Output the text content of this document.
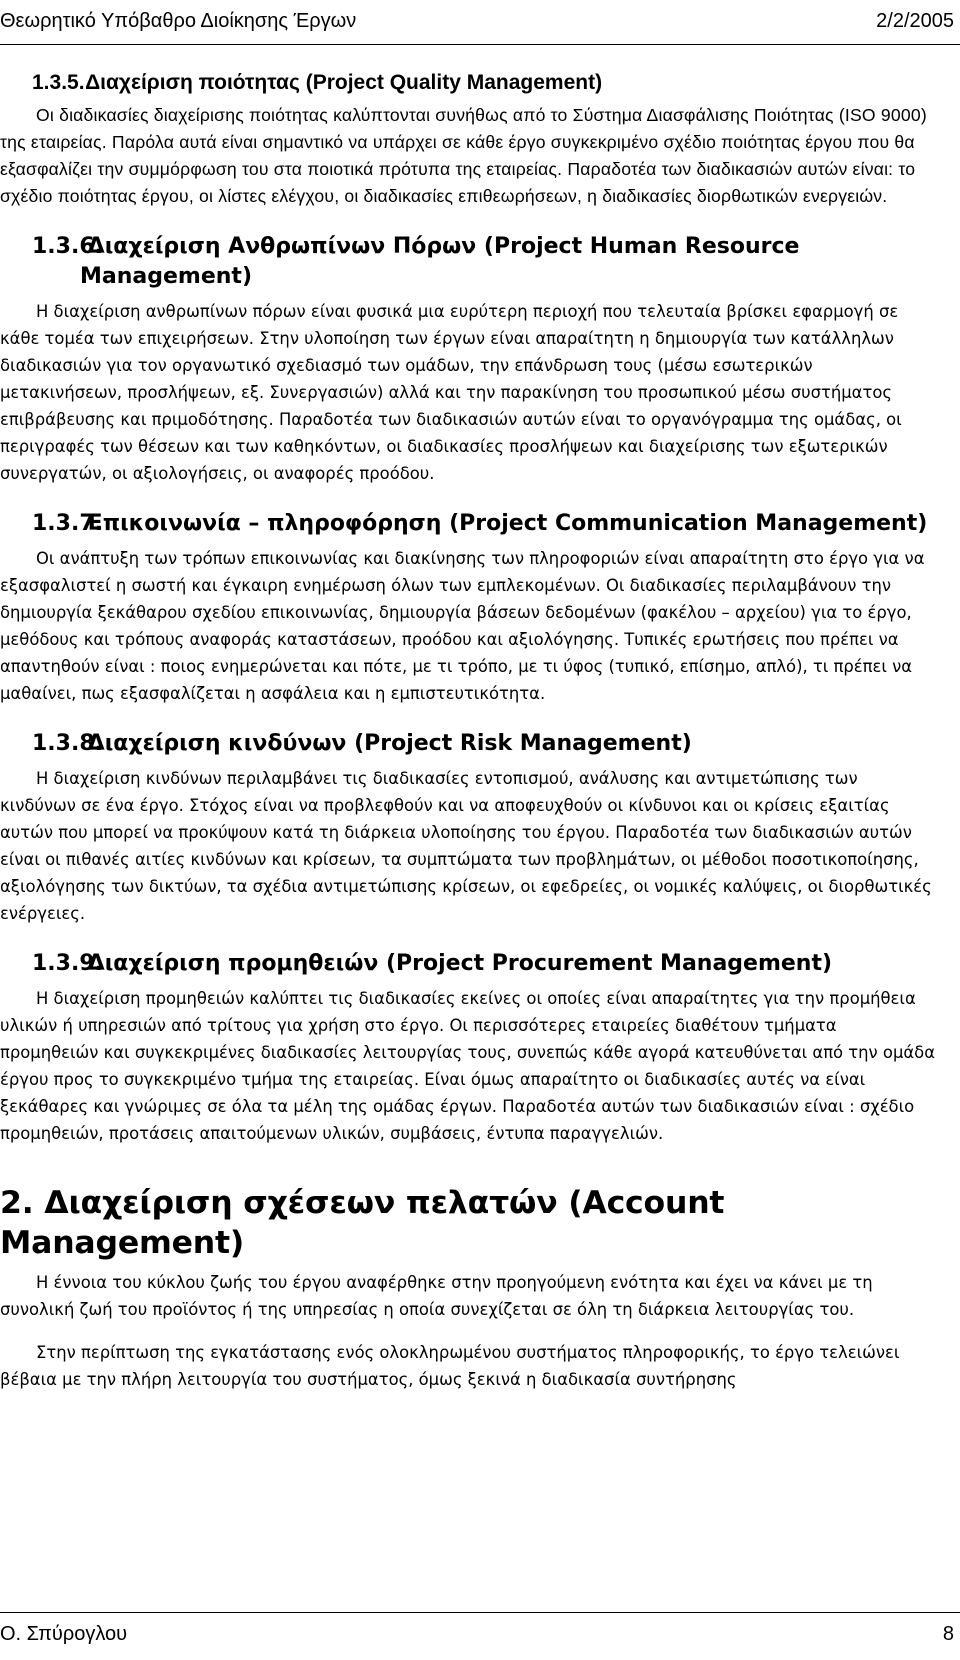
Θεωρητικό Υπόβαθρο Διοίκησης Έργων	2/2/2005
1.3.5. Διαχείριση ποιότητας (Project Quality Management)

Οι διαδικασίες διαχείρισης ποιότητας καλύπτονται συνήθως από το Σύστημα Διασφάλισης Ποιότητας (ISO 9000) της εταιρείας. Παρόλα αυτά είναι σημαντικό να υπάρχει σε κάθε έργο συγκεκριμένο σχέδιο ποιότητας έργου που θα εξασφαλίζει την συμμόρφωση του στα ποιοτικά πρότυπα της εταιρείας. Παραδοτέα των διαδικασιών αυτών είναι: το σχέδιο ποιότητας έργου, οι λίστες ελέγχου, οι διαδικασίες επιθεωρήσεων, η διαδικασίες διορθωτικών ενεργειών.

1.3.6. Διαχείριση Ανθρωπίνων Πόρων (Project Human Resource Management)

Η διαχείριση ανθρωπίνων πόρων είναι φυσικά μια ευρύτερη περιοχή που τελευταία βρίσκει εφαρμογή σε κάθε τομέα των επιχειρήσεων. Στην υλοποίηση των έργων είναι απαραίτητη η δημιουργία των κατάλληλων διαδικασιών για τον οργανωτικό σχεδιασμό των ομάδων, την επάνδρωση τους (μέσω εσωτερικών μετακινήσεων, προσλήψεων, εξ. Συνεργασιών) αλλά και την παρακίνηση του προσωπικού μέσω συστήματος επιβράβευσης και πριμοδότησης. Παραδοτέα των διαδικασιών αυτών είναι το οργανόγραμμα της ομάδας, οι περιγραφές των θέσεων και των καθηκόντων, οι διαδικασίες προσλήψεων και διαχείρισης των εξωτερικών συνεργατών, οι αξιολογήσεις, οι αναφορές προόδου.

1.3.7. Επικοινωνία – πληροφόρηση (Project Communication Management)

Οι ανάπτυξη των τρόπων επικοινωνίας και διακίνησης των πληροφοριών είναι απαραίτητη στο έργο για να εξασφαλιστεί η σωστή και έγκαιρη ενημέρωση όλων των εμπλεκομένων. Οι διαδικασίες περιλαμβάνουν την δημιουργία ξεκάθαρου σχεδίου επικοινωνίας, δημιουργία βάσεων δεδομένων (φακέλου – αρχείου) για το έργο, μεθόδους και τρόπους αναφοράς καταστάσεων, προόδου και αξιολόγησης. Τυπικές ερωτήσεις που πρέπει να απαντηθούν είναι : ποιος ενημερώνεται και πότε, με τι τρόπο, με τι ύφος (τυπικό, επίσημο, απλό), τι πρέπει να μαθαίνει, πως εξασφαλίζεται η ασφάλεια και η εμπιστευτικότητα.

1.3.8. Διαχείριση κινδύνων (Project Risk Management)

Η διαχείριση κινδύνων περιλαμβάνει τις διαδικασίες εντοπισμού, ανάλυσης και αντιμετώπισης των κινδύνων σε ένα έργο. Στόχος είναι να προβλεφθούν και να αποφευχθούν οι κίνδυνοι και οι κρίσεις εξαιτίας αυτών που μπορεί να προκύψουν κατά τη διάρκεια υλοποίησης του έργου. Παραδοτέα των διαδικασιών αυτών είναι οι πιθανές αιτίες κινδύνων και κρίσεων, τα συμπτώματα των προβλημάτων, οι μέθοδοι ποσοτικοποίησης, αξιολόγησης των δικτύων, τα σχέδια αντιμετώπισης κρίσεων, οι εφεδρείες, οι νομικές καλύψεις, οι διορθωτικές ενέργειες.

1.3.9. Διαχείριση προμηθειών (Project Procurement Management)

Η διαχείριση προμηθειών καλύπτει τις διαδικασίες εκείνες οι οποίες είναι απαραίτητες για την προμήθεια υλικών ή υπηρεσιών από τρίτους για χρήση στο έργο. Οι περισσότερες εταιρείες διαθέτουν τμήματα προμηθειών και συγκεκριμένες διαδικασίες λειτουργίας τους, συνεπώς κάθε αγορά κατευθύνεται από την ομάδα έργου προς το συγκεκριμένο τμήμα της εταιρείας. Είναι όμως απαραίτητο οι διαδικασίες αυτές να είναι ξεκάθαρες και γνώριμες σε όλα τα μέλη της ομάδας έργων. Παραδοτέα αυτών των διαδικασιών είναι : σχέδιο προμηθειών, προτάσεις απαιτούμενων υλικών, συμβάσεις, έντυπα παραγγελιών.

2. Διαχείριση σχέσεων πελατών (Account Management)

Η έννοια του κύκλου ζωής του έργου αναφέρθηκε στην προηγούμενη ενότητα και έχει να κάνει με τη συνολική ζωή του προϊόντος ή της υπηρεσίας η οποία συνεχίζεται σε όλη τη διάρκεια λειτουργίας του.

Στην περίπτωση της εγκατάστασης ενός ολοκληρωμένου συστήματος πληροφορικής, το έργο τελειώνει βέβαια με την πλήρη λειτουργία του συστήματος, όμως ξεκινά η διαδικασία συντήρησης

Ο. Σπύρογλου	8
